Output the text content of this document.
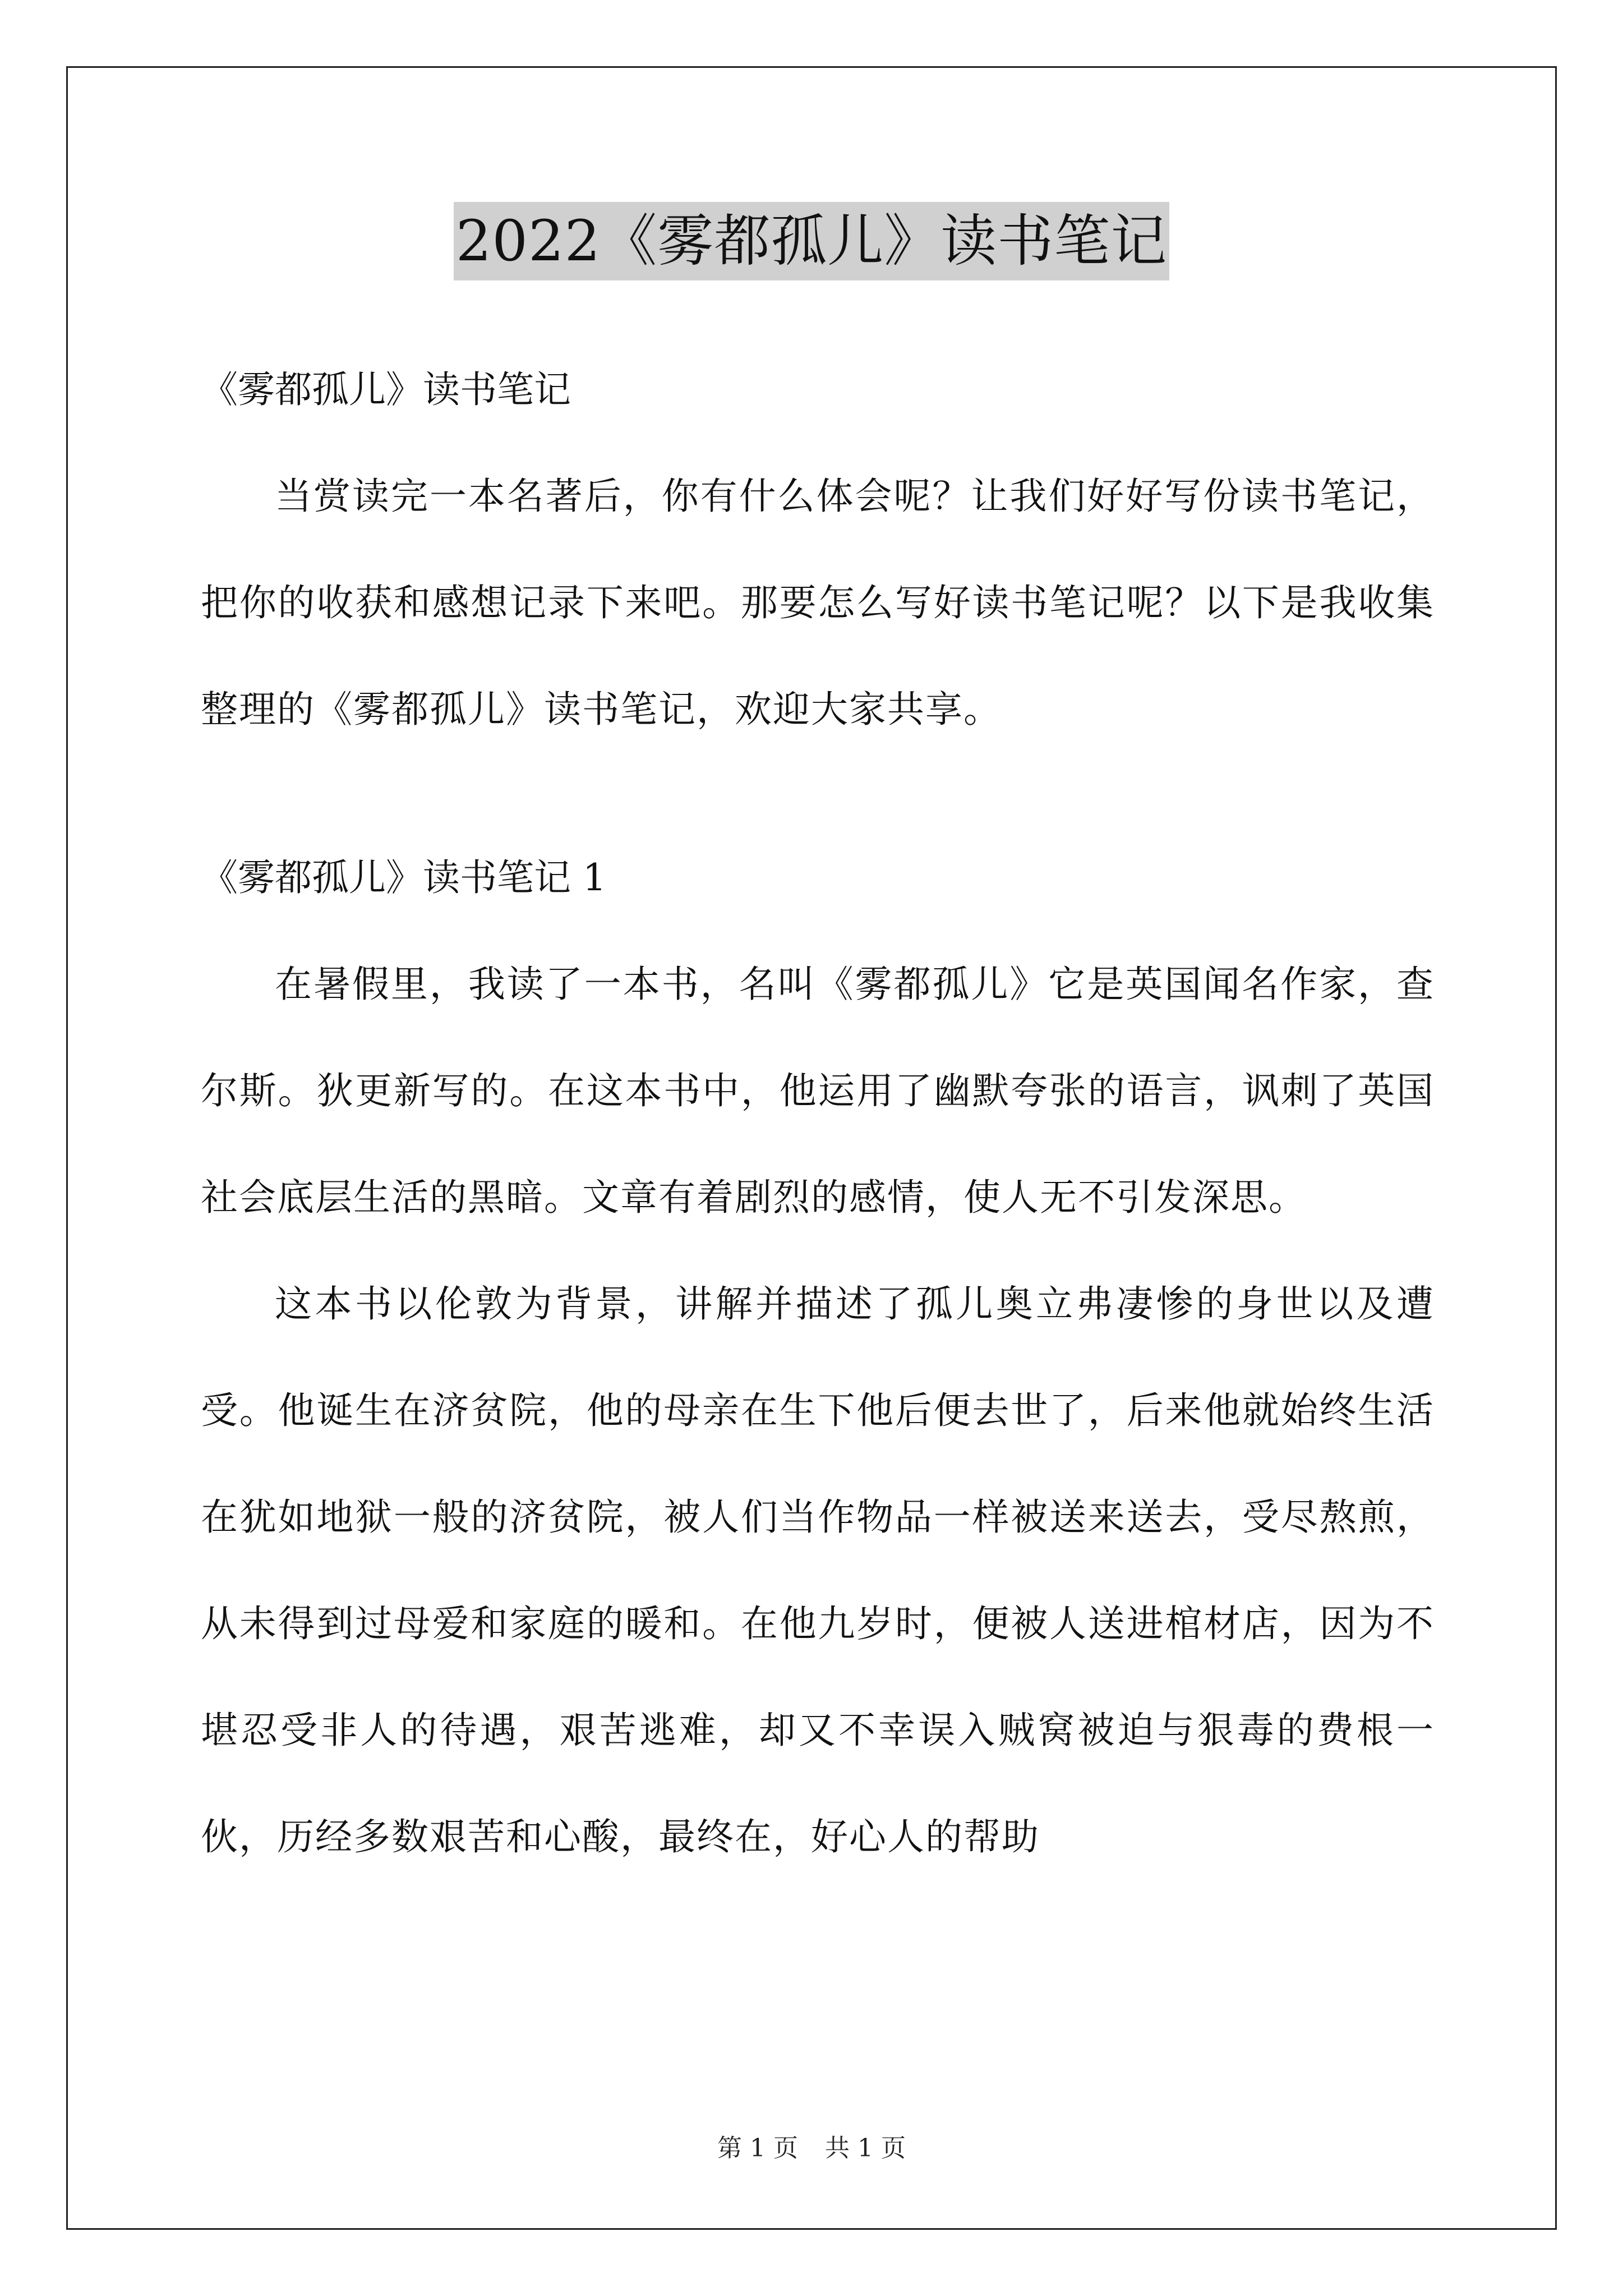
2022《雾都孤儿》读书笔记

《雾都孤儿》读书笔记

当赏读完一本名著后，你有什么体会呢？让我们好好写份读书笔记，把你的收获和感想记录下来吧。那要怎么写好读书笔记呢？以下是我收集整理的《雾都孤儿》读书笔记，欢迎大家共享。

《雾都孤儿》读书笔记 1

在暑假里，我读了一本书，名叫《雾都孤儿》它是英国闻名作家，查尔斯。狄更新写的。在这本书中，他运用了幽默夸张的语言，讽刺了英国社会底层生活的黑暗。文章有着剧烈的感情，使人无不引发深思。

这本书以伦敦为背景，讲解并描述了孤儿奥立弗凄惨的身世以及遭受。他诞生在济贫院，他的母亲在生下他后便去世了，后来他就始终生活在犹如地狱一般的济贫院，被人们当作物品一样被送来送去，受尽熬煎，从未得到过母爱和家庭的暖和。在他九岁时，便被人送进棺材店，因为不堪忍受非人的待遇，艰苦逃难，却又不幸误入贼窝被迫与狠毒的费根一伙，历经多数艰苦和心酸，最终在，好心人的帮助

第 1 页 共 1 页
